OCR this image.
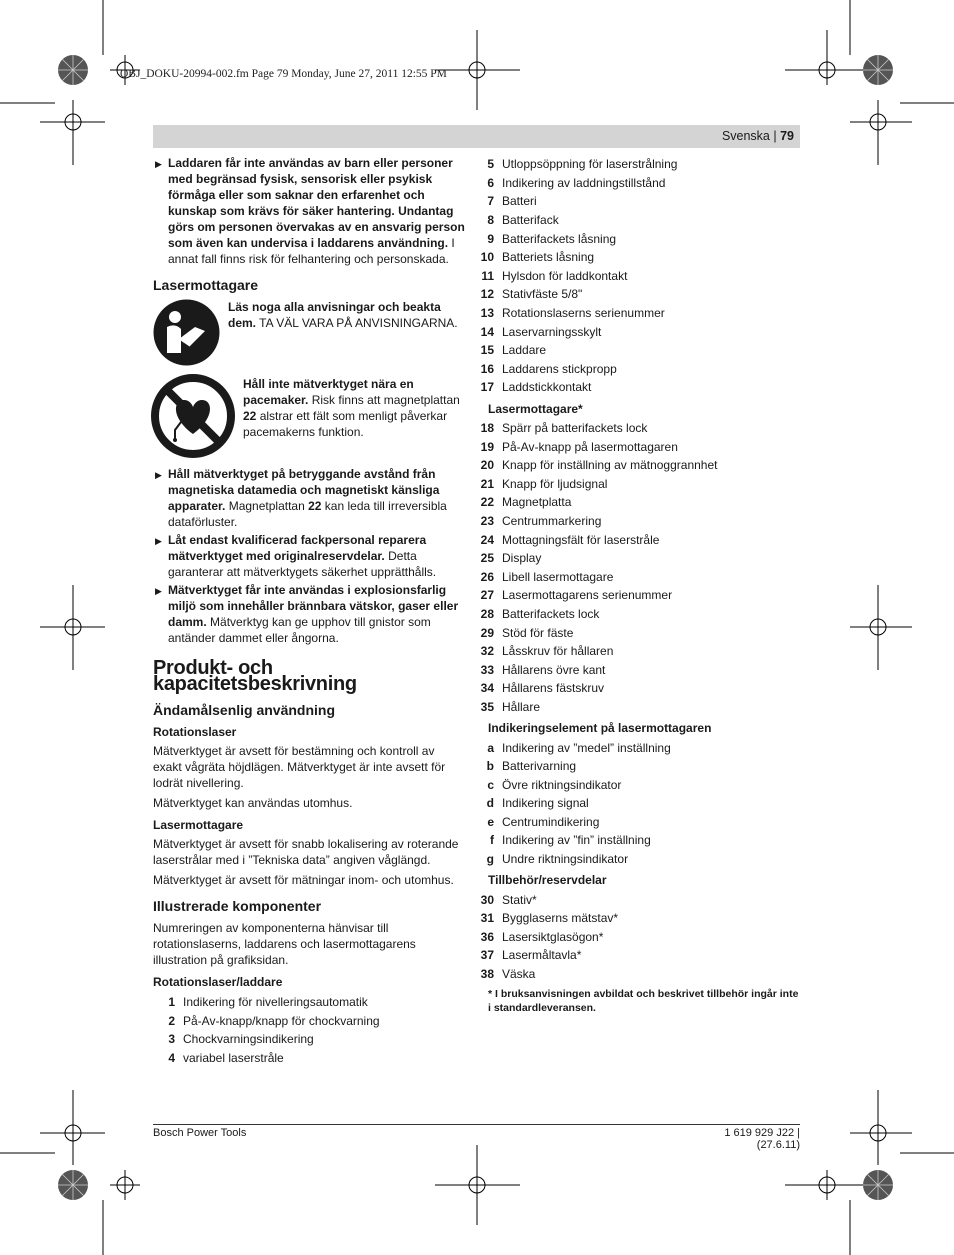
OBJ_DOKU-20994-002.fm Page 79 Monday, June 27, 2011 12:55 PM
Svenska | 79
▶ Laddaren får inte användas av barn eller personer med begränsad fysisk, sensorisk eller psykisk förmåga eller som saknar den erfarenhet och kunskap som krävs för säker hantering. Undantag görs om personen övervakas av en ansvarig person som även kan undervisa i laddarens användning. I annat fall finns risk för felhantering och personskada.
Lasermottagare
Läs noga alla anvisningar och beakta dem. TA VÄL VARA PÅ ANVISNINGARNA.
Håll inte mätverktyget nära en pacemaker. Risk finns att magnetplattan 22 alstrar ett fält som menligt påverkar pacemakerns funktion.
▶ Håll mätverktyget på betryggande avstånd från magnetiska datamedia och magnetiskt känsliga apparater. Magnetplattan 22 kan leda till irreversibla dataförluster.
▶ Låt endast kvalificerad fackpersonal reparera mätverktyget med originalreservdelar. Detta garanterar att mätverktygets säkerhet upprätthålls.
▶ Mätverktyget får inte användas i explosionsfarlig miljö som innehåller brännbara vätskor, gaser eller damm. Mätverktyg kan ge upphov till gnistor som antänder dammet eller ångorna.
Produkt- och kapacitetsbeskrivning
Ändamålsenlig användning
Rotationslaser

Mätverktyget är avsett för bestämning och kontroll av exakt vågräta höjdlägen. Mätverktyget är inte avsett för lodrät nivellering.

Mätverktyget kan användas utomhus.

Lasermottagare

Mätverktyget är avsett för snabb lokalisering av roterande laserstrålar med i ”Tekniska data” angiven våglängd.

Mätverktyget är avsett för mätningar inom- och utomhus.

Illustrerade komponenter

Numreringen av komponenterna hänvisar till rotationslaserns, laddarens och lasermottagarens illustration på grafiksidan.

Rotationslaser/laddare
1 Indikering för nivelleringsautomatik
2 På-Av-knapp/knapp för chockvarning
3 Chockvarningsindikering
4 variabel laserstråle
5 Utloppsöppning för laserstrålning
6 Indikering av laddningstillstånd
7 Batteri
8 Batterifack
9 Batterifackets låsning
10 Batteriets låsning
11 Hylsdon för laddkontakt
12 Stativfäste 5/8"
13 Rotationslaserns serienummer
14 Laservarningsskylt
15 Laddare
16 Laddarens stickpropp
17 Laddstickkontakt
Lasermottagare*
18 Spärr på batterifackets lock
19 På-Av-knapp på lasermottagaren
20 Knapp för inställning av mätnoggrannhet
21 Knapp för ljudsignal
22 Magnetplatta
23 Centrummarkering
24 Mottagningsfält för laserstråle
25 Display
26 Libell lasermottagare
27 Lasermottagarens serienummer
28 Batterifackets lock
29 Stöd för fäste
32 Låsskruv för hållaren
33 Hållarens övre kant
34 Hållarens fästskruv
35 Hållare
Indikeringselement på lasermottagaren
a Indikering av ”medel” inställning
b Batterivarning
c Övre riktningsindikator
d Indikering signal
e Centrumindikering
f Indikering av ”fin” inställning
g Undre riktningsindikator
Tillbehör/reservdelar
30 Stativ*
31 Bygglaserns mätstav*
36 Lasersiktglasögon*
37 Lasermåltavla*
38 Väska
* I bruksanvisningen avbildat och beskrivet tillbehör ingår inte i standardleveransen.
Bosch Power Tools	1 619 929 J22 | (27.6.11)
